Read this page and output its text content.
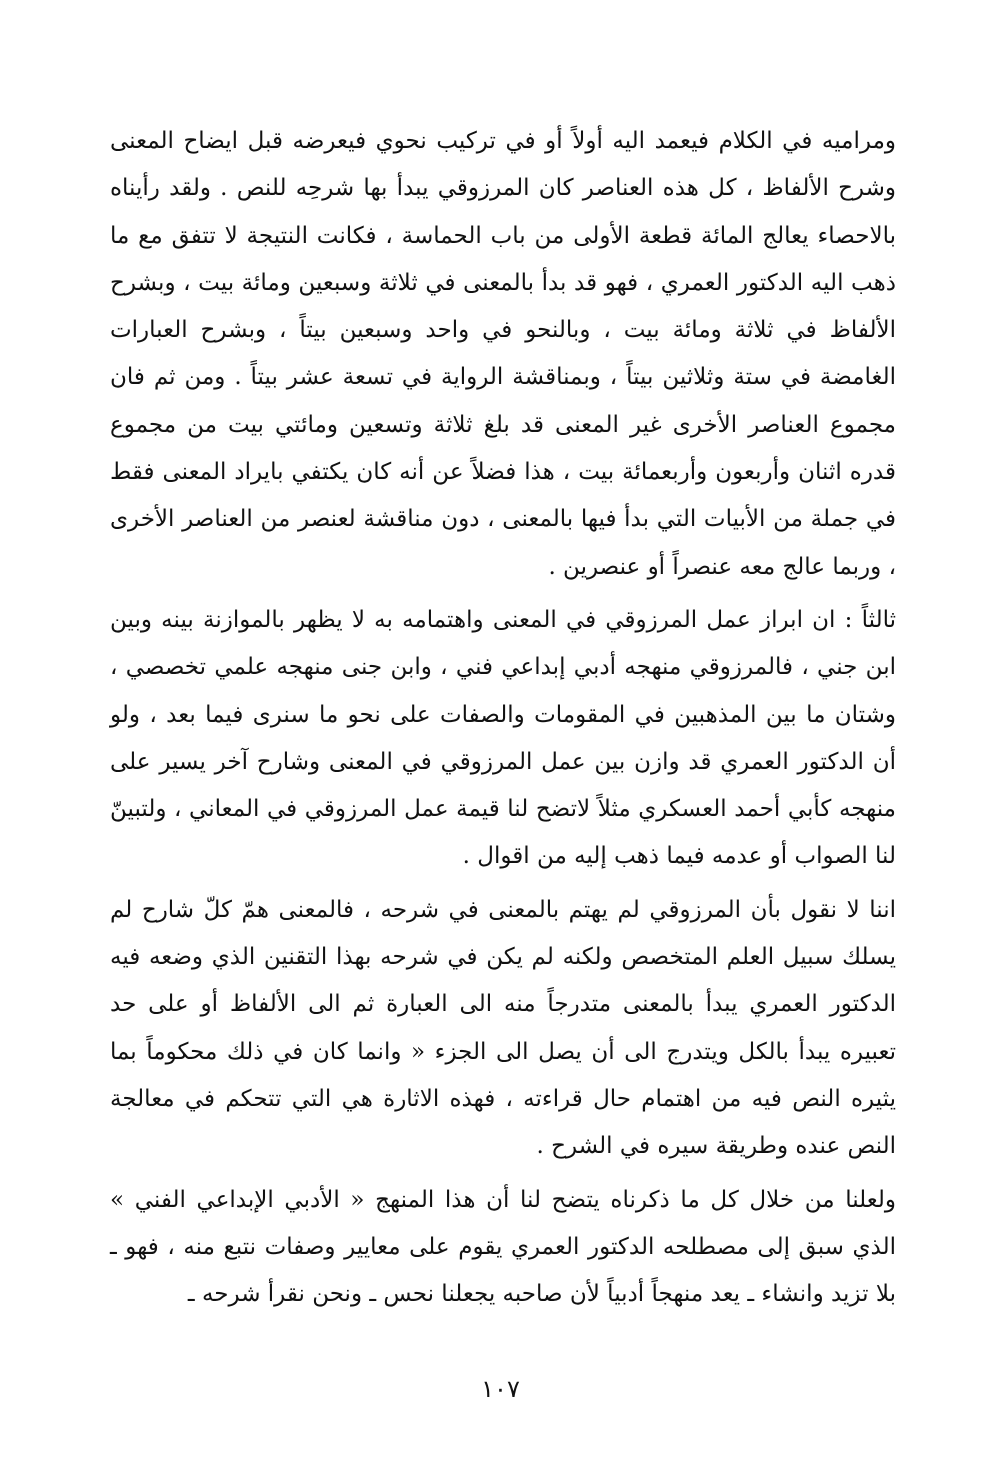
ومراميه في الكلام فيعمد اليه أولاً أو في تركيب نحوي فيعرضه قبل ايضاح المعنى وشرح الألفاظ ، كل هذه العناصر كان المرزوقي يبدأ بها شرحِه للنص . ولقد رأيناه بالاحصاء يعالج المائة قطعة الأولى من باب الحماسة ، فكانت النتيجة لا تتفق مع ما ذهب اليه الدكتور العمري ، فهو قد بدأ بالمعنى في ثلاثة وسبعين ومائة بيت ، وبشرح الألفاظ في ثلاثة ومائة بيت ، وبالنحو في واحد وسبعين بيتاً ، وبشرح العبارات الغامضة في ستة وثلاثين بيتاً ، وبمناقشة الرواية في تسعة عشر بيتاً . ومن ثم فان مجموع العناصر الأخرى غير المعنى قد بلغ ثلاثة وتسعين ومائتي بيت من مجموع قدره اثنان وأربعون وأربعمائة بيت ، هذا فضلاً عن أنه كان يكتفي بايراد المعنى فقط في جملة من الأبيات التي بدأ فيها بالمعنى ، دون مناقشة لعنصر من العناصر الأخرى ، وربما عالج معه عنصراً أو عنصرين .

ثالثاً : ان ابراز عمل المرزوقي في المعنى واهتمامه به لا يظهر بالموازنة بينه وبين ابن جني ، فالمرزوقي منهجه أدبي إبداعي فني ، وابن جنى منهجه علمي تخصصي ، وشتان ما بين المذهبين في المقومات والصفات على نحو ما سنرى فيما بعد ، ولو أن الدكتور العمري قد وازن بين عمل المرزوقي في المعنى وشارح آخر يسير على منهجه كأبي أحمد العسكري مثلاً لاتضح لنا قيمة عمل المرزوقي في المعاني ، ولتبينّ لنا الصواب أو عدمه فيما ذهب إليه من اقوال .

اننا لا نقول بأن المرزوقي لم يهتم بالمعنى في شرحه ، فالمعنى همّ كلّ شارح لم يسلك سبيل العلم المتخصص ولكنه لم يكن في شرحه بهذا التقنين الذي وضعه فيه الدكتور العمري يبدأ بالمعنى متدرجاً منه الى العبارة ثم الى الألفاظ أو على حد تعبيره يبدأ بالكل ويتدرج الى أن يصل الى الجزء « وانما كان في ذلك محكوماً بما يثيره النص فيه من اهتمام حال قراءته ، فهذه الاثارة هي التي تتحكم في معالجة النص عنده وطريقة سيره في الشرح .

ولعلنا من خلال كل ما ذكرناه يتضح لنا أن هذا المنهج « الأدبي الإبداعي الفني » الذي سبق إلى مصطلحه الدكتور العمري يقوم على معايير وصفات نتبع منه ، فهو ـ بلا تزيد وانشاء ـ يعد منهجاً أدبياً لأن صاحبه يجعلنا نحس ـ ونحن نقرأ شرحه ـ

١٠٧
